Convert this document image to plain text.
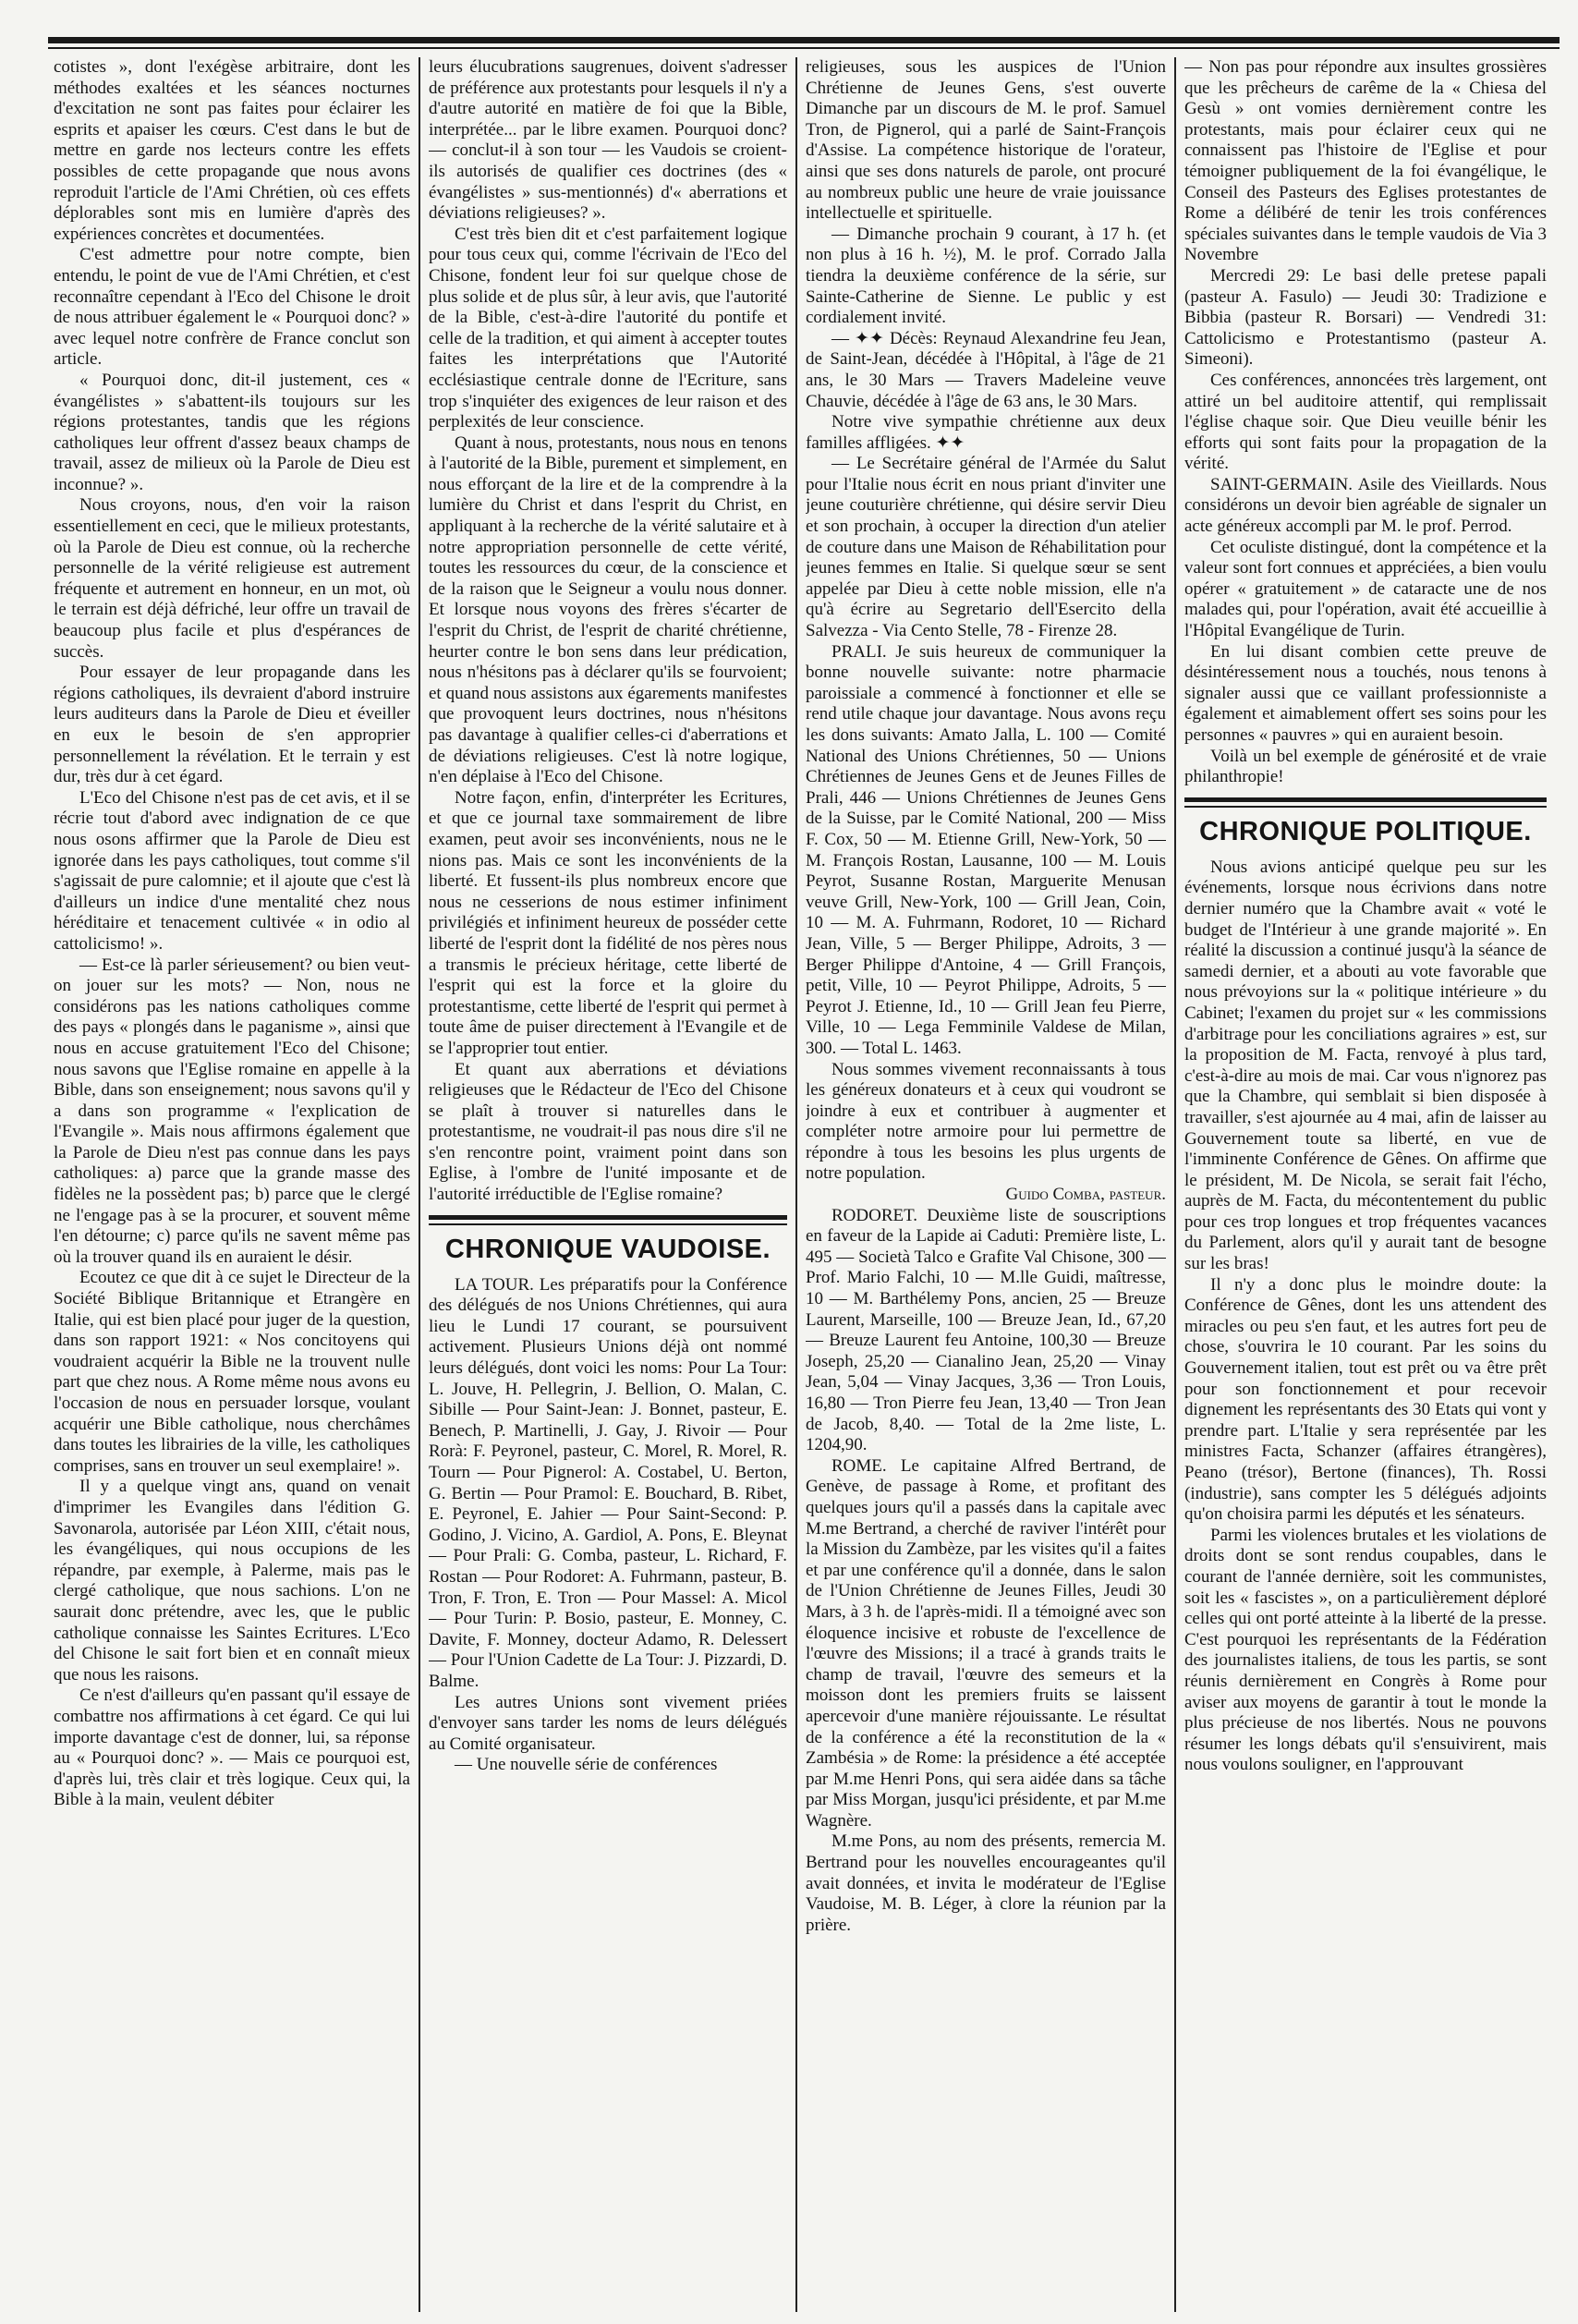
cotistes », dont l'exégèse arbitraire, dont les méthodes exaltées et les séances nocturnes d'excitation ne sont pas faites pour éclairer les esprits et apaiser les cœurs. C'est dans le but de mettre en garde nos lecteurs contre les effets possibles de cette propagande que nous avons reproduit l'article de l'Ami Chrétien, où ces effets déplorables sont mis en lumière d'après des expériences concrètes et documentées.

C'est admettre pour notre compte, bien entendu, le point de vue de l'Ami Chrétien, et c'est reconnaître cependant à l'Eco del Chisone le droit de nous attribuer également le « Pourquoi donc? » avec lequel notre confrère de France conclut son article.

« Pourquoi donc, dit-il justement, ces « évangélistes » s'abattent-ils toujours sur les régions protestantes, tandis que les régions catholiques leur offrent d'assez beaux champs de travail, assez de milieux où la Parole de Dieu est inconnue? ».

Nous croyons, nous, d'en voir la raison essentiellement en ceci, que le milieux protestants, où la Parole de Dieu est connue, où la recherche personnelle de la vérité religieuse est autrement fréquente et autrement en honneur, en un mot, où le terrain est déjà défriché, leur offre un travail de beaucoup plus facile et plus d'espérances de succès.

Pour essayer de leur propagande dans les régions catholiques, ils devraient d'abord instruire leurs auditeurs dans la Parole de Dieu et éveiller en eux le besoin de s'en approprier personnellement la révélation. Et le terrain y est dur, très dur à cet égard.

L'Eco del Chisone n'est pas de cet avis, et il se récrie tout d'abord avec indignation de ce que nous osons affirmer que la Parole de Dieu est ignorée dans les pays catholiques, tout comme s'il s'agissait de pure calomnie; et il ajoute que c'est là d'ailleurs un indice d'une mentalité chez nous héréditaire et tenacement cultivée « in odio al cattolicismo! ».

— Est-ce là parler sérieusement? ou bien veut-on jouer sur les mots? — Non, nous ne considérons pas les nations catholiques comme des pays « plongés dans le paganisme », ainsi que nous en accuse gratuitement l'Eco del Chisone; nous savons que l'Eglise romaine en appelle à la Bible, dans son enseignement; nous savons qu'il y a dans son programme « l'explication de l'Evangile ». Mais nous affirmons également que la Parole de Dieu n'est pas connue dans les pays catholiques: a) parce que la grande masse des fidèles ne la possèdent pas; b) parce que le clergé ne l'engage pas à se la procurer, et souvent même l'en détourne; c) parce qu'ils ne savent même pas où la trouver quand ils en auraient le désir.

Ecoutez ce que dit à ce sujet le Directeur de la Société Biblique Britannique et Etrangère en Italie, qui est bien placé pour juger de la question, dans son rapport 1921: « Nos concitoyens qui voudraient acquérir la Bible ne la trouvent nulle part que chez nous. A Rome même nous avons eu l'occasion de nous en persuader lorsque, voulant acquérir une Bible catholique, nous cherchâmes dans toutes les librairies de la ville, les catholiques comprises, sans en trouver un seul exemplaire! ».

Il y a quelque vingt ans, quand on venait d'imprimer les Evangiles dans l'édition G. Savonarola, autorisée par Léon XIII, c'était nous, les évangéliques, qui nous occupions de les répandre, par exemple, à Palerme, mais pas le clergé catholique, que nous sachions. L'on ne saurait donc prétendre, avec les, que le public catholique connaisse les Saintes Ecritures. L'Eco del Chisone le sait fort bien et en connaît mieux que nous les raisons.

Ce n'est d'ailleurs qu'en passant qu'il essaye de combattre nos affirmations à cet égard. Ce qui lui importe davantage c'est de donner, lui, sa réponse au « Pourquoi donc? ». — Mais ce pourquoi est, d'après lui, très clair et très logique. Ceux qui, la Bible à la main, veulent débiter

leurs élucubrations saugrenues, doivent s'adresser de préférence aux protestants pour lesquels il n'y a d'autre autorité en matière de foi que la Bible, interprétée... par le libre examen. Pourquoi donc? — conclut-il à son tour — les Vaudois se croient-ils autorisés de qualifier ces doctrines (des « évangélistes » sus-mentionnés) d'« aberrations et déviations religieuses? ».

C'est très bien dit et c'est parfaitement logique pour tous ceux qui, comme l'écrivain de l'Eco del Chisone, fondent leur foi sur quelque chose de plus solide et de plus sûr, à leur avis, que l'autorité de la Bible, c'est-à-dire l'autorité du pontife et celle de la tradition, et qui aiment à accepter toutes faites les interprétations que l'Autorité ecclésiastique centrale donne de l'Ecriture, sans trop s'inquiéter des exigences de leur raison et des perplexités de leur conscience.

Quant à nous, protestants, nous nous en tenons à l'autorité de la Bible, purement et simplement, en nous efforçant de la lire et de la comprendre à la lumière du Christ et dans l'esprit du Christ, en appliquant à la recherche de la vérité salutaire et à notre appropriation personnelle de cette vérité, toutes les ressources du cœur, de la conscience et de la raison que le Seigneur a voulu nous donner. Et lorsque nous voyons des frères s'écarter de l'esprit du Christ, de l'esprit de charité chrétienne, heurter contre le bon sens dans leur prédication, nous n'hésitons pas à déclarer qu'ils se fourvoient; et quand nous assistons aux égarements manifestes que provoquent leurs doctrines, nous n'hésitons pas davantage à qualifier celles-ci d'aberrations et de déviations religieuses. C'est là notre logique, n'en déplaise à l'Eco del Chisone.

Notre façon, enfin, d'interpréter les Ecritures, et que ce journal taxe sommairement de libre examen, peut avoir ses inconvénients, nous ne le nions pas. Mais ce sont les inconvénients de la liberté. Et fussent-ils plus nombreux encore que nous ne cesserions de nous estimer infiniment privilégiés et infiniment heureux de posséder cette liberté de l'esprit dont la fidélité de nos pères nous a transmis le précieux héritage, cette liberté de l'esprit qui est la force et la gloire du protestantisme, cette liberté de l'esprit qui permet à toute âme de puiser directement à l'Evangile et de se l'approprier tout entier.

Et quant aux aberrations et déviations religieuses que le Rédacteur de l'Eco del Chisone se plaît à trouver si naturelles dans le protestantisme, ne voudrait-il pas nous dire s'il ne s'en rencontre point, vraiment point dans son Eglise, à l'ombre de l'unité imposante et de l'autorité irréductible de l'Eglise romaine?

CHRONIQUE VAUDOISE.

LA TOUR. Les préparatifs pour la Conférence des délégués de nos Unions Chrétiennes, qui aura lieu le Lundi 17 courant, se poursuivent activement. Plusieurs Unions déjà ont nommé leurs délégués, dont voici les noms: Pour La Tour: L. Jouve, H. Pellegrin, J. Bellion, O. Malan, C. Sibille — Pour Saint-Jean: J. Bonnet, pasteur, E. Benech, P. Martinelli, J. Gay, J. Rivoir — Pour Rorà: F. Peyronel, pasteur, C. Morel, R. Morel, R. Tourn — Pour Pignerol: A. Costabel, U. Berton, G. Bertin — Pour Pramol: E. Bouchard, B. Ribet, E. Peyronel, E. Jahier — Pour Saint-Second: P. Godino, J. Vicino, A. Gardiol, A. Pons, E. Bleynat — Pour Prali: G. Comba, pasteur, L. Richard, F. Rostan — Pour Rodoret: A. Fuhrmann, pasteur, B. Tron, F. Tron, E. Tron — Pour Massel: A. Micol — Pour Turin: P. Bosio, pasteur, E. Monney, C. Davite, F. Monney, docteur Adamo, R. Delessert — Pour l'Union Cadette de La Tour: J. Pizzardi, D. Balme.

Les autres Unions sont vivement priées d'envoyer sans tarder les noms de leurs délégués au Comité organisateur.

— Une nouvelle série de conférences

religieuses, sous les auspices de l'Union Chrétienne de Jeunes Gens, s'est ouverte Dimanche par un discours de M. le prof. Samuel Tron, de Pignerol, qui a parlé de Saint-François d'Assise. La compétence historique de l'orateur, ainsi que ses dons naturels de parole, ont procuré au nombreux public une heure de vraie jouissance intellectuelle et spirituelle.

— Dimanche prochain 9 courant, à 17 h. (et non plus à 16 h. ½), M. le prof. Corrado Jalla tiendra la deuxième conférence de la série, sur Sainte-Catherine de Sienne. Le public y est cordialement invité.

— ✦✦ Décès: Reynaud Alexandrine feu Jean, de Saint-Jean, décédée à l'Hôpital, à l'âge de 21 ans, le 30 Mars — Travers Madeleine veuve Chauvie, décédée à l'âge de 63 ans, le 30 Mars.

Notre vive sympathie chrétienne aux deux familles affligées. ✦✦

— Le Secrétaire général de l'Armée du Salut pour l'Italie nous écrit en nous priant d'inviter une jeune couturière chrétienne, qui désire servir Dieu et son prochain, à occuper la direction d'un atelier de couture dans une Maison de Réhabilitation pour jeunes femmes en Italie. Si quelque sœur se sent appelée par Dieu à cette noble mission, elle n'a qu'à écrire au Segretario dell'Esercito della Salvezza - Via Cento Stelle, 78 - Firenze 28.

PRALI. Je suis heureux de communiquer la bonne nouvelle suivante: notre pharmacie paroissiale a commencé à fonctionner et elle se rend utile chaque jour davantage. Nous avons reçu les dons suivants: Amato Jalla, L. 100 — Comité National des Unions Chrétiennes, 50 — Unions Chrétiennes de Jeunes Gens et de Jeunes Filles de Prali, 446 — Unions Chrétiennes de Jeunes Gens de la Suisse, par le Comité National, 200 — Miss F. Cox, 50 — M. Etienne Grill, New-York, 50 — M. François Rostan, Lausanne, 100 — M. Louis Peyrot, Susanne Rostan, Marguerite Menusan veuve Grill, New-York, 100 — Grill Jean, Coin, 10 — M. A. Fuhrmann, Rodoret, 10 — Richard Jean, Ville, 5 — Berger Philippe, Adroits, 3 — Berger Philippe d'Antoine, 4 — Grill François, petit, Ville, 10 — Peyrot Philippe, Adroits, 5 — Peyrot J. Etienne, Id., 10 — Grill Jean feu Pierre, Ville, 10 — Lega Femminile Valdese de Milan, 300. — Total L. 1463.

Nous sommes vivement reconnaissants à tous les généreux donateurs et à ceux qui voudront se joindre à eux et contribuer à augmenter et compléter notre armoire pour lui permettre de répondre à tous les besoins les plus urgents de notre population.

Guido Comba, pasteur.

RODORET. Deuxième liste de souscriptions en faveur de la Lapide ai Caduti: Première liste, L. 495 — Società Talco e Grafite Val Chisone, 300 — Prof. Mario Falchi, 10 — M.lle Guidi, maîtresse, 10 — M. Barthélemy Pons, ancien, 25 — Breuze Laurent, Marseille, 100 — Breuze Jean, Id., 67,20 — Breuze Laurent feu Antoine, 100,30 — Breuze Joseph, 25,20 — Cianalino Jean, 25,20 — Vinay Jean, 5,04 — Vinay Jacques, 3,36 — Tron Louis, 16,80 — Tron Pierre feu Jean, 13,40 — Tron Jean de Jacob, 8,40. — Total de la 2me liste, L. 1204,90.

ROME. Le capitaine Alfred Bertrand, de Genève, de passage à Rome, et profitant des quelques jours qu'il a passés dans la capitale avec M.me Bertrand, a cherché de raviver l'intérêt pour la Mission du Zambèze, par les visites qu'il a faites et par une conférence qu'il a donnée, dans le salon de l'Union Chrétienne de Jeunes Filles, Jeudi 30 Mars, à 3 h. de l'après-midi. Il a témoigné avec son éloquence incisive et robuste de l'excellence de l'œuvre des Missions; il a tracé à grands traits le champ de travail, l'œuvre des semeurs et la moisson dont les premiers fruits se laissent apercevoir d'une manière réjouissante. Le résultat de la conférence a été la reconstitution de la « Zambésia » de Rome: la présidence a été acceptée par M.me Henri Pons, qui sera aidée dans sa tâche par Miss Morgan, jusqu'ici présidente, et par M.me Wagnère.

M.me Pons, au nom des présents, remercia M. Bertrand pour les nouvelles encourageantes qu'il avait données, et invita le modérateur de l'Eglise Vaudoise, M. B. Léger, à clore la réunion par la prière.

— Non pas pour répondre aux insultes grossières que les prêcheurs de carême de la « Chiesa del Gesù » ont vomies dernièrement contre les protestants, mais pour éclairer ceux qui ne connaissent pas l'histoire de l'Eglise et pour témoigner publiquement de la foi évangélique, le Conseil des Pasteurs des Eglises protestantes de Rome a délibéré de tenir les trois conférences spéciales suivantes dans le temple vaudois de Via 3 Novembre

Mercredi 29: Le basi delle pretese papali (pasteur A. Fasulo) — Jeudi 30: Tradizione e Bibbia (pasteur R. Borsari) — Vendredi 31: Cattolicismo e Protestantismo (pasteur A. Simeoni).

Ces conférences, annoncées très largement, ont attiré un bel auditoire attentif, qui remplissait l'église chaque soir. Que Dieu veuille bénir les efforts qui sont faits pour la propagation de la vérité.

SAINT-GERMAIN. Asile des Vieillards. Nous considérons un devoir bien agréable de signaler un acte généreux accompli par M. le prof. Perrod.

Cet oculiste distingué, dont la compétence et la valeur sont fort connues et appréciées, a bien voulu opérer « gratuitement » de cataracte une de nos malades qui, pour l'opération, avait été accueillie à l'Hôpital Evangélique de Turin.

En lui disant combien cette preuve de désintéressement nous a touchés, nous tenons à signaler aussi que ce vaillant professionniste a également et aimablement offert ses soins pour les personnes « pauvres » qui en auraient besoin.

Voilà un bel exemple de générosité et de vraie philanthropie!

CHRONIQUE POLITIQUE.

Nous avions anticipé quelque peu sur les événements, lorsque nous écrivions dans notre dernier numéro que la Chambre avait « voté le budget de l'Intérieur à une grande majorité ». En réalité la discussion a continué jusqu'à la séance de samedi dernier, et a abouti au vote favorable que nous prévoyions sur la « politique intérieure » du Cabinet; l'examen du projet sur « les commissions d'arbitrage pour les conciliations agraires » est, sur la proposition de M. Facta, renvoyé à plus tard, c'est-à-dire au mois de mai. Car vous n'ignorez pas que la Chambre, qui semblait si bien disposée à travailler, s'est ajournée au 4 mai, afin de laisser au Gouvernement toute sa liberté, en vue de l'imminente Conférence de Gênes. On affirme que le président, M. De Nicola, se serait fait l'écho, auprès de M. Facta, du mécontentement du public pour ces trop longues et trop fréquentes vacances du Parlement, alors qu'il y aurait tant de besogne sur les bras!

Il n'y a donc plus le moindre doute: la Conférence de Gênes, dont les uns attendent des miracles ou peu s'en faut, et les autres fort peu de chose, s'ouvrira le 10 courant. Par les soins du Gouvernement italien, tout est prêt ou va être prêt pour son fonctionnement et pour recevoir dignement les représentants des 30 Etats qui vont y prendre part. L'Italie y sera représentée par les ministres Facta, Schanzer (affaires étrangères), Peano (trésor), Bertone (finances), Th. Rossi (industrie), sans compter les 5 délégués adjoints qu'on choisira parmi les députés et les sénateurs.

Parmi les violences brutales et les violations de droits dont se sont rendus coupables, dans le courant de l'année dernière, soit les communistes, soit les « fascistes », on a particulièrement déploré celles qui ont porté atteinte à la liberté de la presse. C'est pourquoi les représentants de la Fédération des journalistes italiens, de tous les partis, se sont réunis dernièrement en Congrès à Rome pour aviser aux moyens de garantir à tout le monde la plus précieuse de nos libertés. Nous ne pouvons résumer les longs débats qu'il s'ensuivirent, mais nous voulons souligner, en l'approuvant
